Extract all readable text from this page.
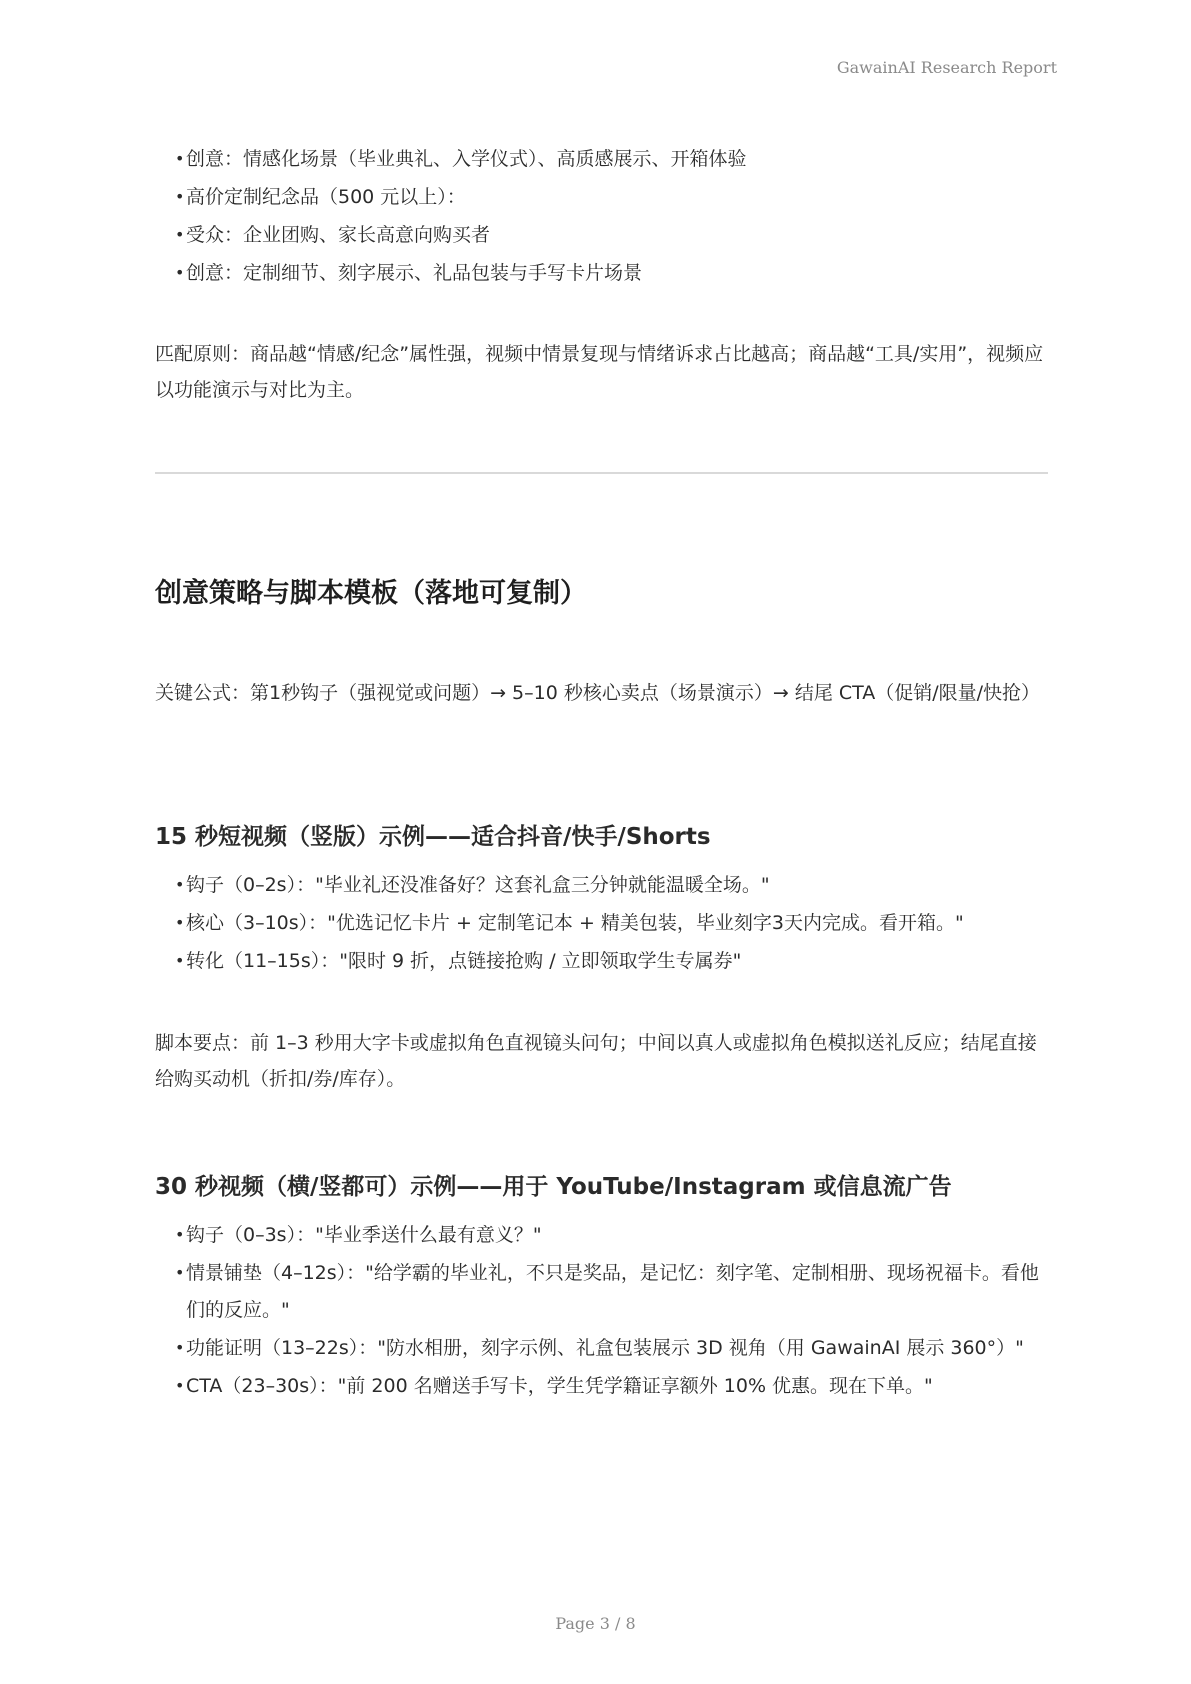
GawainAI Research Report
• 创意：情感化场景（毕业典礼、入学仪式）、高质感展示、开箱体验
• 高价定制纪念品（500 元以上）：
• 受众：企业团购、家长高意向购买者
• 创意：定制细节、刻字展示、礼品包装与手写卡片场景

匹配原则：商品越“情感/纪念”属性强，视频中情景复现与情绪诉求占比越高；商品越“工具/实用”，视频应以功能演示与对比为主。

创意策略与脚本模板（落地可复制）

关键公式：第1秒钩子（强视觉或问题）→ 5–10 秒核心卖点（场景演示）→ 结尾 CTA（促销/限量/快抢）

15 秒短视频（竖版）示例——适合抖音/快手/Shorts
• 钩子（0–2s）："毕业礼还没准备好？这套礼盒三分钟就能温暖全场。"
• 核心（3–10s）："优选记忆卡片 + 定制笔记本 + 精美包装，毕业刻字3天内完成。看开箱。"
• 转化（11–15s）："限时 9 折，点链接抢购 / 立即领取学生专属券"

脚本要点：前 1–3 秒用大字卡或虚拟角色直视镜头问句；中间以真人或虚拟角色模拟送礼反应；结尾直接给购买动机（折扣/券/库存）。

30 秒视频（横/竖都可）示例——用于 YouTube/Instagram 或信息流广告
• 钩子（0–3s）："毕业季送什么最有意义？"
• 情景铺垫（4–12s）："给学霸的毕业礼，不只是奖品，是记忆：刻字笔、定制相册、现场祝福卡。看他们的反应。"
• 功能证明（13–22s）："防水相册，刻字示例、礼盒包装展示 3D 视角（用 GawainAI 展示 360°）"
• CTA（23–30s）："前 200 名赠送手写卡，学生凭学籍证享额外 10% 优惠。现在下单。"
Page 3 / 8
